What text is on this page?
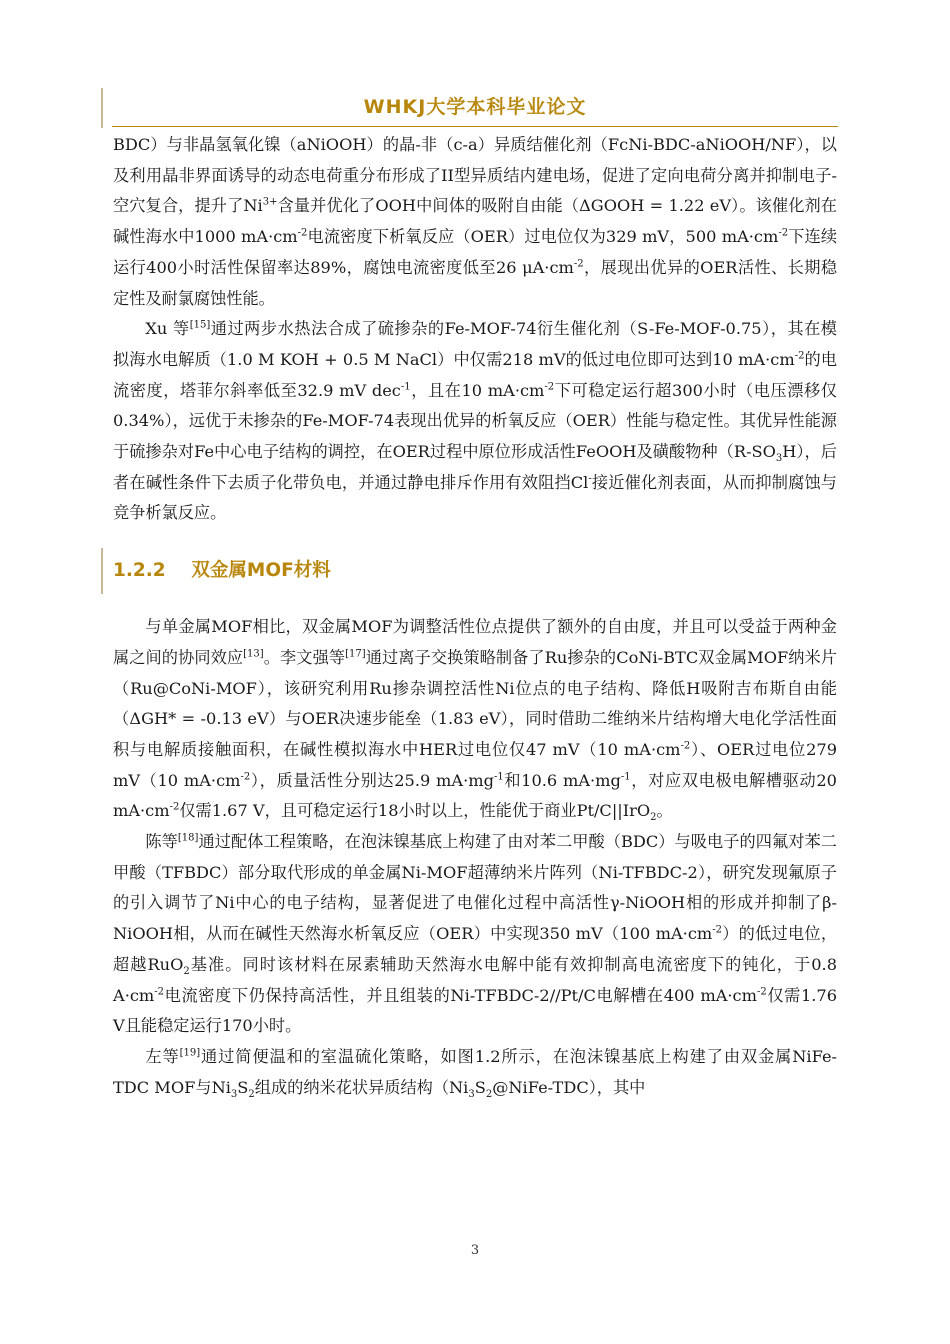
WHKJ大学本科毕业论文

BDC）与非晶氢氧化镍（aNiOOH）的晶-非（c-a）异质结催化剂（FcNi-BDC-aNiOOH/NF），以及利用晶非界面诱导的动态电荷重分布形成了II型异质结内建电场，促进了定向电荷分离并抑制电子-空穴复合，提升了$Ni^{3+}$含量并优化了OOH中间体的吸附自由能（ΔGOOH = 1.22 eV）。该催化剂在碱性海水中1000 $mA\cdot cm^{-2}$电流密度下析氧反应（OER）过电位仅为329 mV，500 $mA\cdot cm^{-2}$下连续运行400小时活性保留率达89%，腐蚀电流密度低至26 $\mu A\cdot cm^{-2}$，展现出优异的OER活性、长期稳定性及耐氯腐蚀性能。

Xu 等[15]通过两步水热法合成了硫掺杂的Fe-MOF-74衍生催化剂（S-Fe-MOF-0.75），其在模拟海水电解质（1.0 M KOH + 0.5 M NaCl）中仅需218 mV的低过电位即可达到10 $mA\cdot cm^{-2}$的电流密度，塔菲尔斜率低至32.9 mV dec$^{-1}$，且在10 $mA\cdot cm^{-2}$下可稳定运行超300小时（电压漂移仅0.34%），远优于未掺杂的Fe-MOF-74表现出优异的析氧反应（OER）性能与稳定性。其优异性能源于硫掺杂对Fe中心电子结构的调控，在OER过程中原位形成活性FeOOH及磺酸物种$(R-SO_3H)$，后者在碱性条件下去质子化带负电，并通过静电排斥作用有效阻挡Cl-接近催化剂表面，从而抑制腐蚀与竞争析氯反应。

1.2.2    双金属MOF材料

与单金属MOF相比，双金属MOF为调整活性位点提供了额外的自由度，并且可以受益于两种金属之间的协同效应[13]。李文强等[17]通过离子交换策略制备了Ru掺杂的CoNi-BTC双金属MOF纳米片（Ru@CoNi-MOF），该研究利用Ru掺杂调控活性Ni位点的电子结构、降低H吸附吉布斯自由能（ΔGH* = -0.13 eV）与OER决速步能垒（1.83 eV），同时借助二维纳米片结构增大电化学活性面积与电解质接触面积，在碱性模拟海水中HER过电位仅47 mV（10 $mA\cdot cm^{-2}$）、OER过电位279 mV（10 $mA\cdot cm^{-2}$），质量活性分别达25.9 $mA\cdot mg^{-1}$和10.6 $mA\cdot mg^{-1}$，对应双电极电解槽驱动20 $mA\cdot cm^{-2}$仅需1.67 V，且可稳定运行18小时以上，性能优于商业Pt/C||IrO$_2$。

陈等[18]通过配体工程策略，在泡沫镍基底上构建了由对苯二甲酸（BDC）与吸电子的四氟对苯二甲酸（TFBDC）部分取代形成的单金属Ni-MOF超薄纳米片阵列（Ni-TFBDC-2），研究发现氟原子的引入调节了Ni中心的电子结构，显著促进了电催化过程中高活性γ-NiOOH相的形成并抑制了β-NiOOH相，从而在碱性天然海水析氧反应（OER）中实现350 mV（100 $mA\cdot cm^{-2}$）的低过电位，超越RuO$_2$基准。同时该材料在尿素辅助天然海水电解中能有效抑制高电流密度下的钝化，于0.8 $A\cdot cm^{-2}$电流密度下仍保持高活性，并且组装的Ni-TFBDC-2//Pt/C电解槽在400 $mA\cdot cm^{-2}$仅需1.76 V且能稳定运行170小时。

左等[19]通过简便温和的室温硫化策略，如图1.2所示，在泡沫镍基底上构建了由双金属NiFe-TDC MOF与$Ni_3S_2$组成的纳米花状异质结构$(Ni_3S_2@NiFe-TDC)$，其中

3
